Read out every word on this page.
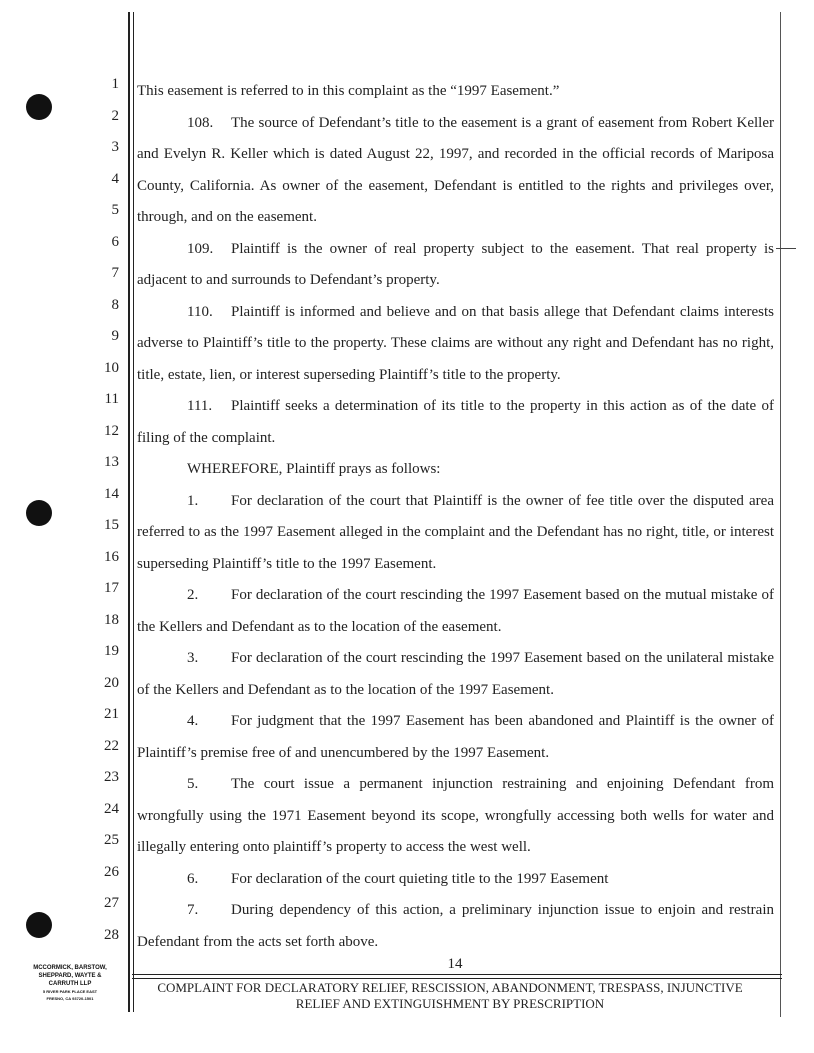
1
2
3
4
5
6
7
8
9
10
11
12
13
14
15
16
17
18
19
20
21
22
23
24
25
26
27
28

This easement is referred to in this complaint as the “1997 Easement.”

108. The source of Defendant’s title to the easement is a grant of easement from Robert Keller and Evelyn R. Keller which is dated August 22, 1997, and recorded in the official records of Mariposa County, California. As owner of the easement, Defendant is entitled to the rights and privileges over, through, and on the easement.

109. Plaintiff is the owner of real property subject to the easement. That real property is adjacent to and surrounds to Defendant’s property.

110. Plaintiff is informed and believe and on that basis allege that Defendant claims interests adverse to Plaintiff’s title to the property. These claims are without any right and Defendant has no right, title, estate, lien, or interest superseding Plaintiff’s title to the property.

111. Plaintiff seeks a determination of its title to the property in this action as of the date of filing of the complaint.

WHEREFORE, Plaintiff prays as follows:

1. For declaration of the court that Plaintiff is the owner of fee title over the disputed area referred to as the 1997 Easement alleged in the complaint and the Defendant has no right, title, or interest superseding Plaintiff’s title to the 1997 Easement.

2. For declaration of the court rescinding the 1997 Easement based on the mutual mistake of the Kellers and Defendant as to the location of the easement.

3. For declaration of the court rescinding the 1997 Easement based on the unilateral mistake of the Kellers and Defendant as to the location of the 1997 Easement.

4. For judgment that the 1997 Easement has been abandoned and Plaintiff is the owner of Plaintiff’s premise free of and unencumbered by the 1997 Easement.

5. The court issue a permanent injunction restraining and enjoining Defendant from wrongfully using the 1971 Easement beyond its scope, wrongfully accessing both wells for water and illegally entering onto plaintiff’s property to access the west well.

6. For declaration of the court quieting title to the 1997 Easement

7. During dependency of this action, a preliminary injunction issue to enjoin and restrain Defendant from the acts set forth above.

14
COMPLAINT FOR DECLARATORY RELIEF, RESCISSION, ABANDONMENT, TRESPASS, INJUNCTIVE
RELIEF AND EXTINGUISHMENT BY PRESCRIPTION
MCCORMICK, BARSTOW,
SHEPPARD, WAYTE &
CARRUTH LLP
5 RIVER PARK PLACE EAST
FRESNO, CA 93720-1501
